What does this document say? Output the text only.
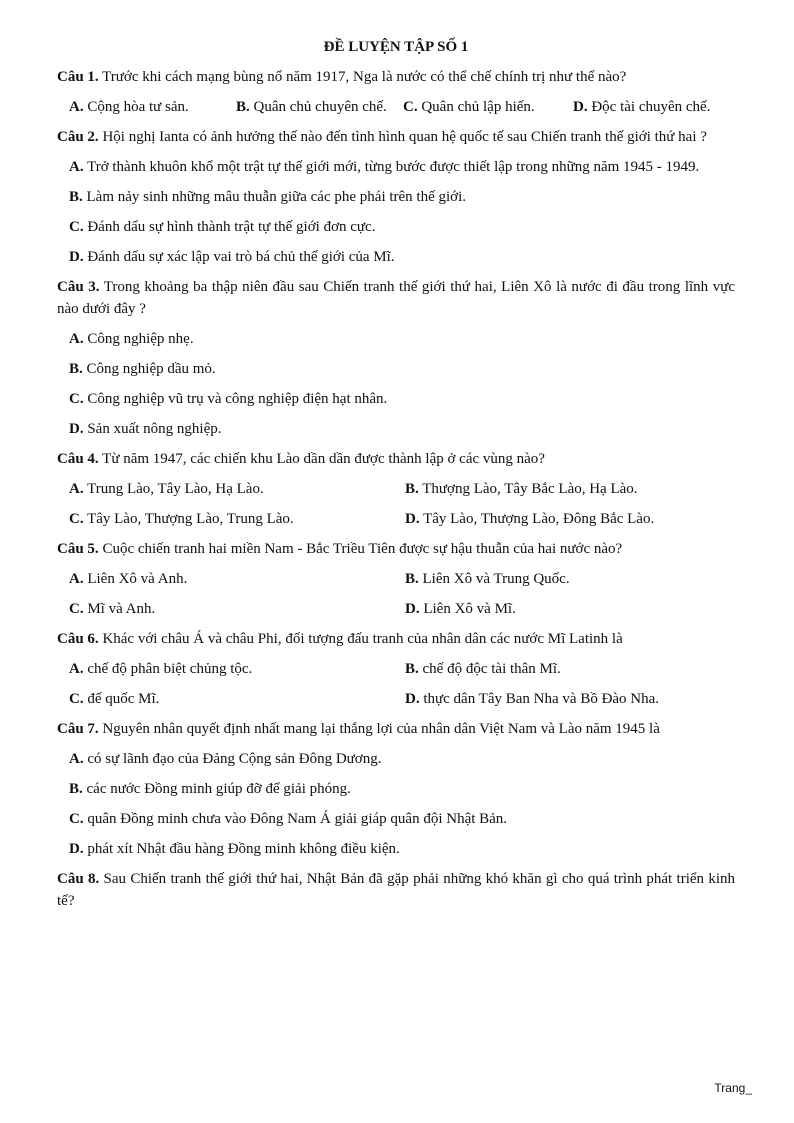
ĐỀ LUYỆN TẬP SỐ 1

Câu 1. Trước khi cách mạng bùng nổ năm 1917, Nga là nước có thể chế chính trị như thế nào?

A. Cộng hòa tư sản.	B. Quân chủ chuyên chế.	C. Quân chủ lập hiến.	D. Độc tài chuyên chế.

Câu 2. Hội nghị Ianta có ảnh hưởng thế nào đến tình hình quan hệ quốc tế sau Chiến tranh thế giới thứ hai ?

A. Trở thành khuôn khổ một trật tự thế giới mới, từng bước được thiết lập trong những năm 1945 - 1949.

B. Làm nảy sinh những mâu thuẫn giữa các phe phái trên thế giới.

C. Đánh dấu sự hình thành trật tự thế giới đơn cực.

D. Đánh dấu sự xác lập vai trò bá chủ thế giới của Mĩ.

Câu 3. Trong khoảng ba thập niên đầu sau Chiến tranh thế giới thứ hai, Liên Xô là nước đi đầu trong lĩnh vực nào dưới đây ?

A. Công nghiệp nhẹ.

B. Công nghiệp dầu mỏ.

C. Công nghiệp vũ trụ và công nghiệp điện hạt nhân.

D. Sản xuất nông nghiệp.

Câu 4. Từ năm 1947, các chiến khu Lào dần dần được thành lập ở các vùng nào?

A. Trung Lào, Tây Lào, Hạ Lào.	B. Thượng Lào, Tây Bắc Lào, Hạ Lào.
C. Tây Lào, Thượng Lào, Trung Lào.	D. Tây Lào, Thượng Lào, Đông Bắc Lào.

Câu 5. Cuộc chiến tranh hai miền Nam - Bắc Triều Tiên được sự hậu thuẫn của hai nước nào?

A. Liên Xô và Anh.	B. Liên Xô và Trung Quốc.
C. Mĩ và Anh.	D. Liên Xô và Mĩ.

Câu 6. Khác với châu Á và châu Phi, đối tượng đấu tranh của nhân dân các nước Mĩ Latinh là

A. chế độ phân biệt chủng tộc.	B. chế độ độc tài thân Mĩ.
C. đế quốc Mĩ.	D. thực dân Tây Ban Nha và Bồ Đào Nha.

Câu 7. Nguyên nhân quyết định nhất mang lại thắng lợi của nhân dân Việt Nam và Lào năm 1945 là

A. có sự lãnh đạo của Đảng Cộng sản Đông Dương.

B. các nước Đồng minh giúp đỡ để giải phóng.

C. quân Đồng minh chưa vào Đông Nam Á giải giáp quân đội Nhật Bản.

D. phát xít Nhật đầu hàng Đồng minh không điều kiện.

Câu 8. Sau Chiến tranh thế giới thứ hai, Nhật Bản đã gặp phải những khó khăn gì cho quá trình phát triển kinh tế?

Trang_
